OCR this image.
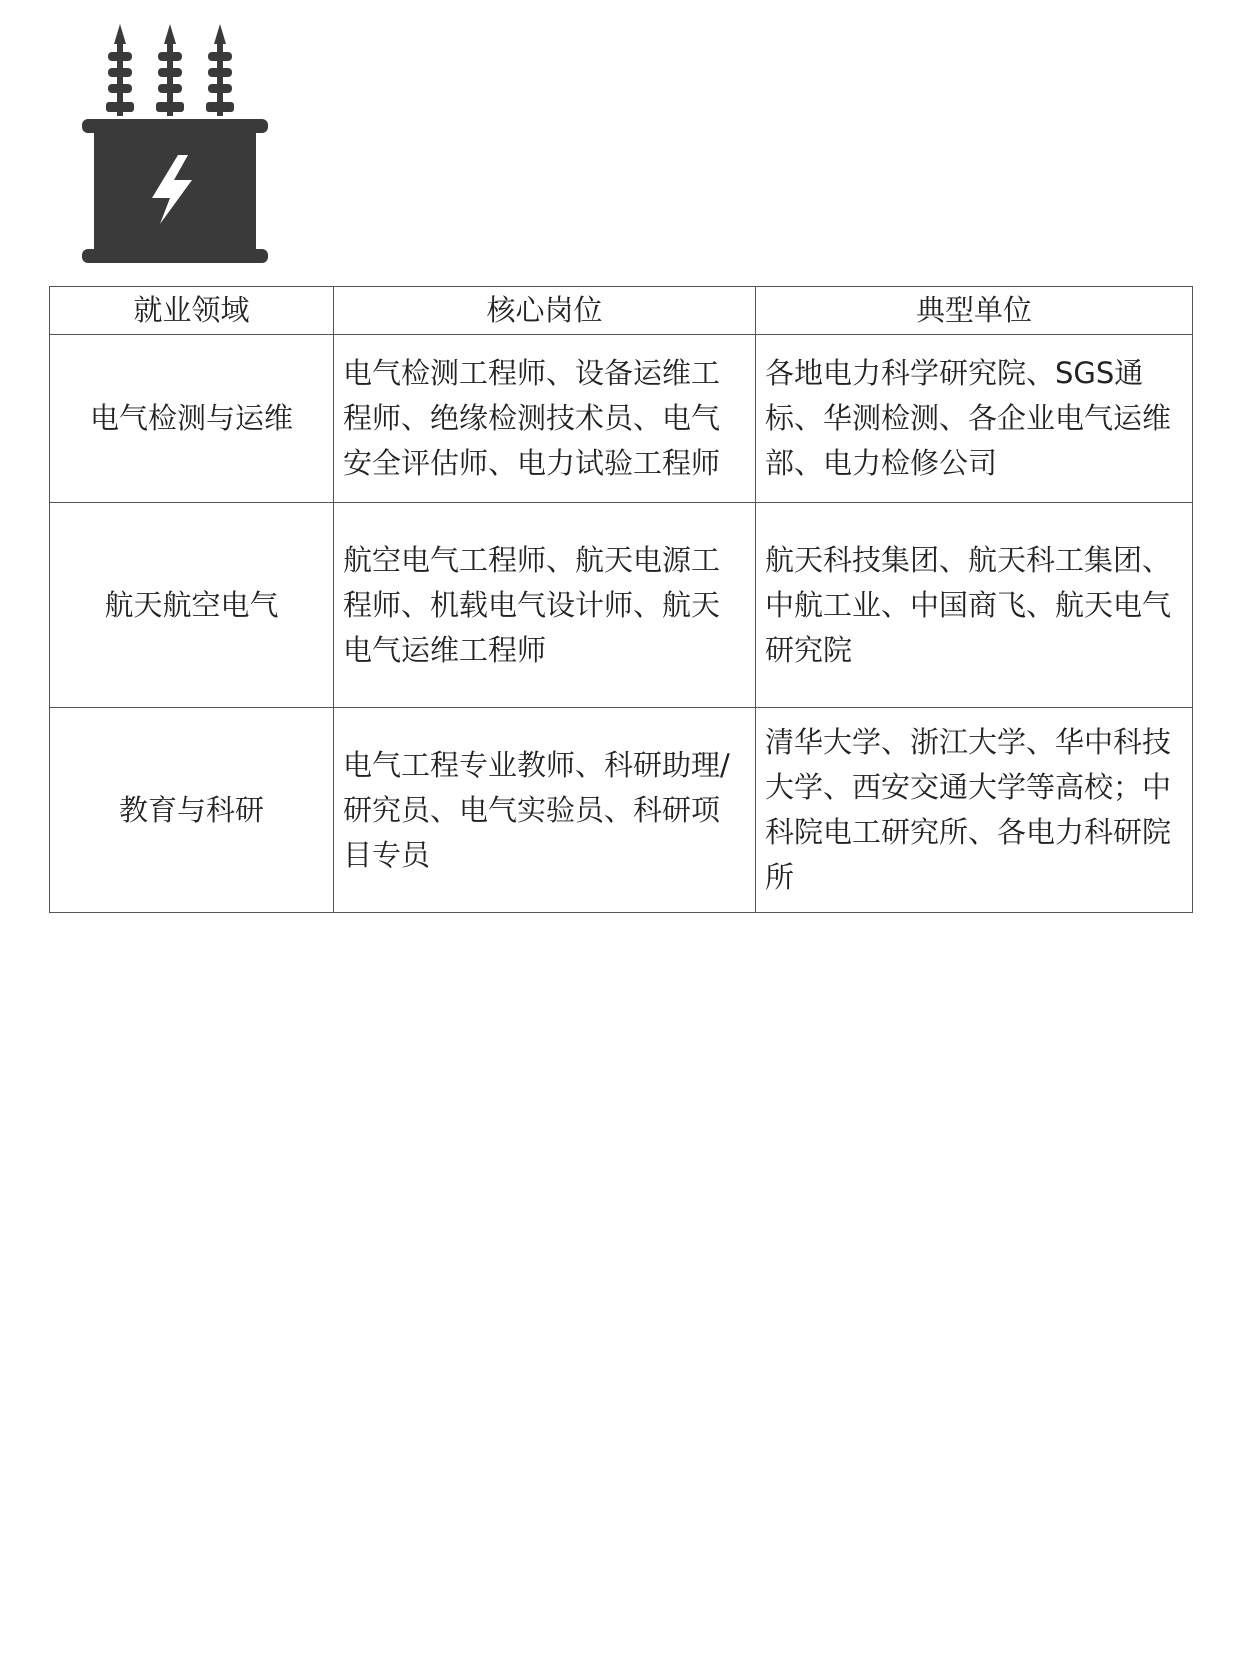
就业领域	核心岗位	典型单位
电气检测与运维	电气检测工程师、设备运维工程师、绝缘检测技术员、电气安全评估师、电力试验工程师	各地电力科学研究院、SGS通标、华测检测、各企业电气运维部、电力检修公司
航天航空电气	航空电气工程师、航天电源工程师、机载电气设计师、航天电气运维工程师	航天科技集团、航天科工集团、中航工业、中国商飞、航天电气研究院
教育与科研	电气工程专业教师、科研助理/研究员、电气实验员、科研项目专员	清华大学、浙江大学、华中科技大学、西安交通大学等高校；中科院电工研究所、各电力科研院所
